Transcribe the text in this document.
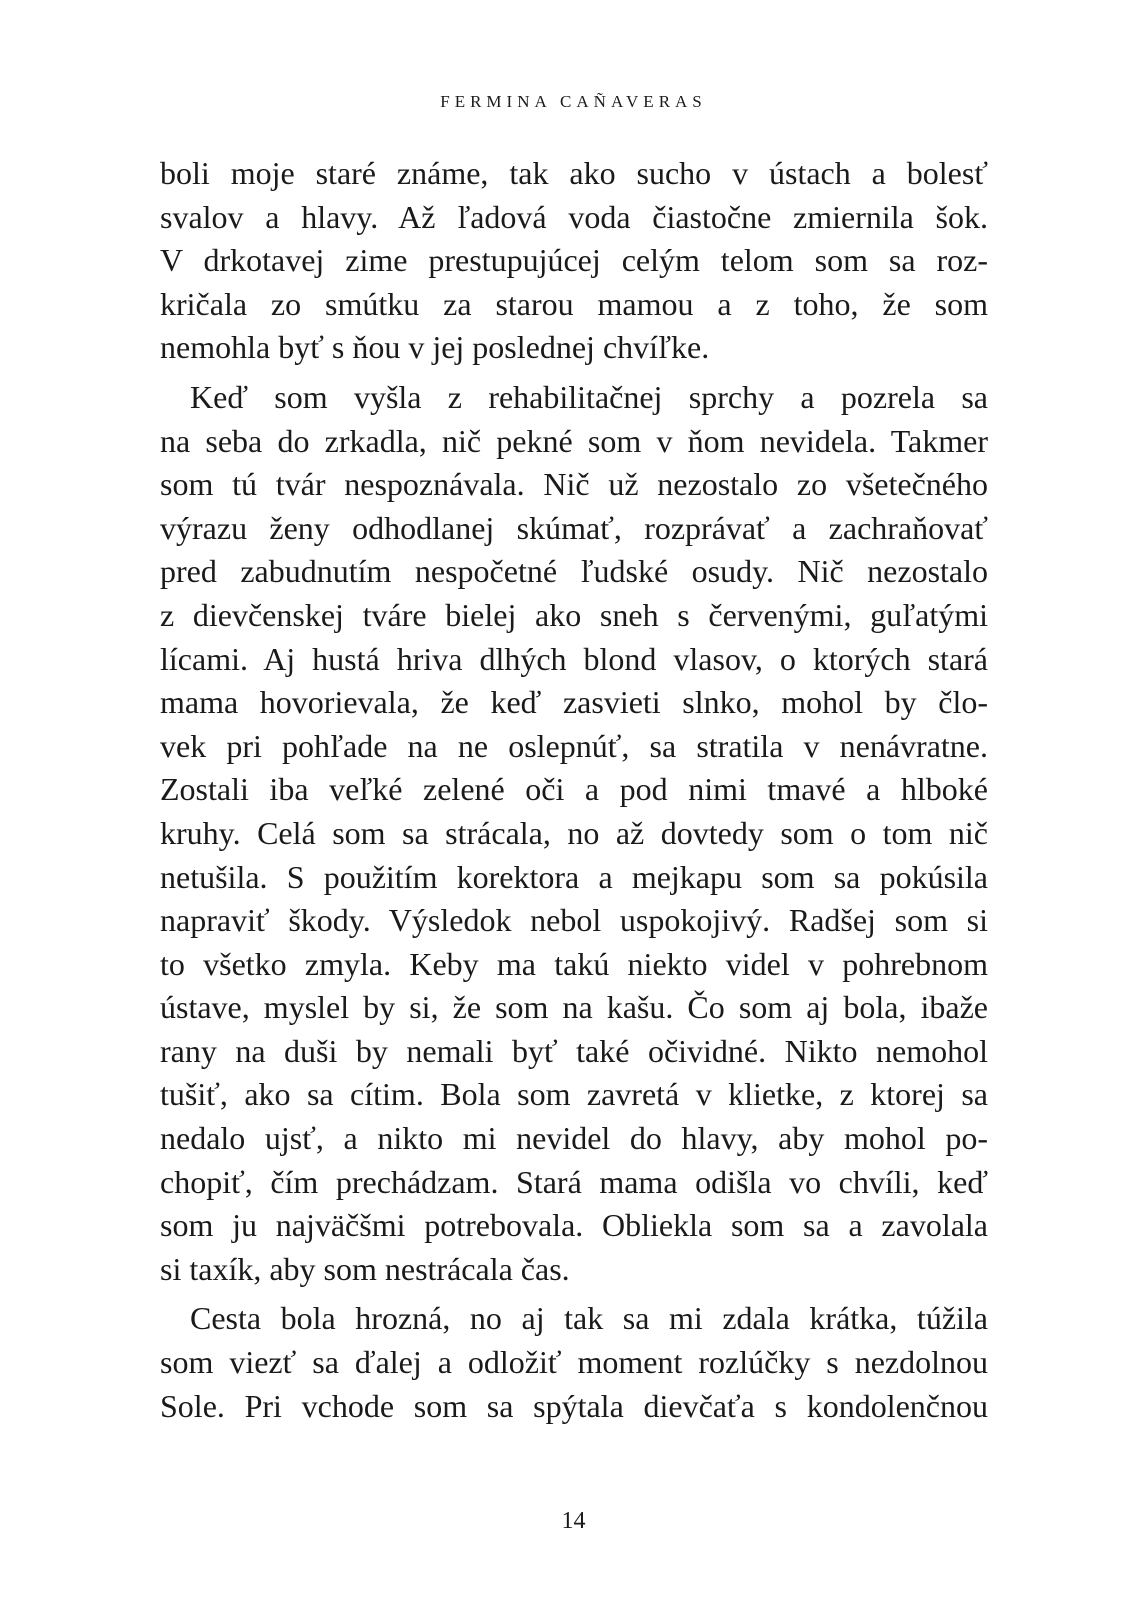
FERMINA CAÑAVERAS
boli moje staré známe, tak ako sucho v ústach a bolesť
svalov a hlavy. Až ľadová voda čiastočne zmiernila šok.
V drkotavej zime prestupujúcej celým telom som sa roz-
kričala zo smútku za starou mamou a z toho, že som
nemohla byť s ňou v jej poslednej chvíľke.
Keď som vyšla z rehabilitačnej sprchy a pozrela sa
na seba do zrkadla, nič pekné som v ňom nevidela. Takmer
som tú tvár nespoznávala. Nič už nezostalo zo všetečného
výrazu ženy odhodlanej skúmať, rozprávať a zachraňovať
pred zabudnutím nespočetné ľudské osudy. Nič nezostalo
z dievčenskej tváre bielej ako sneh s červenými, guľatými
lícami. Aj hustá hriva dlhých blond vlasov, o ktorých stará
mama hovorievala, že keď zasvieti slnko, mohol by člo-
vek pri pohľade na ne oslepnúť, sa stratila v nenávratne.
Zostali iba veľké zelené oči a pod nimi tmavé a hlboké
kruhy. Celá som sa strácala, no až dovtedy som o tom nič
netušila. S použitím korektora a mejkapu som sa pokúsila
napraviť škody. Výsledok nebol uspokojivý. Radšej som si
to všetko zmyla. Keby ma takú niekto videl v pohrebnom
ústave, myslel by si, že som na kašu. Čo som aj bola, ibaže
rany na duši by nemali byť také očividné. Nikto nemohol
tušiť, ako sa cítim. Bola som zavretá v klietke, z ktorej sa
nedalo ujsť, a nikto mi nevidel do hlavy, aby mohol po-
chopiť, čím prechádzam. Stará mama odišla vo chvíli, keď
som ju najväčšmi potrebovala. Obliekla som sa a zavolala
si taxík, aby som nestrácala čas.
Cesta bola hrozná, no aj tak sa mi zdala krátka, túžila
som viezť sa ďalej a odložiť moment rozlúčky s nezdolnou
Sole. Pri vchode som sa spýtala dievčaťa s kondolenčnou
14
